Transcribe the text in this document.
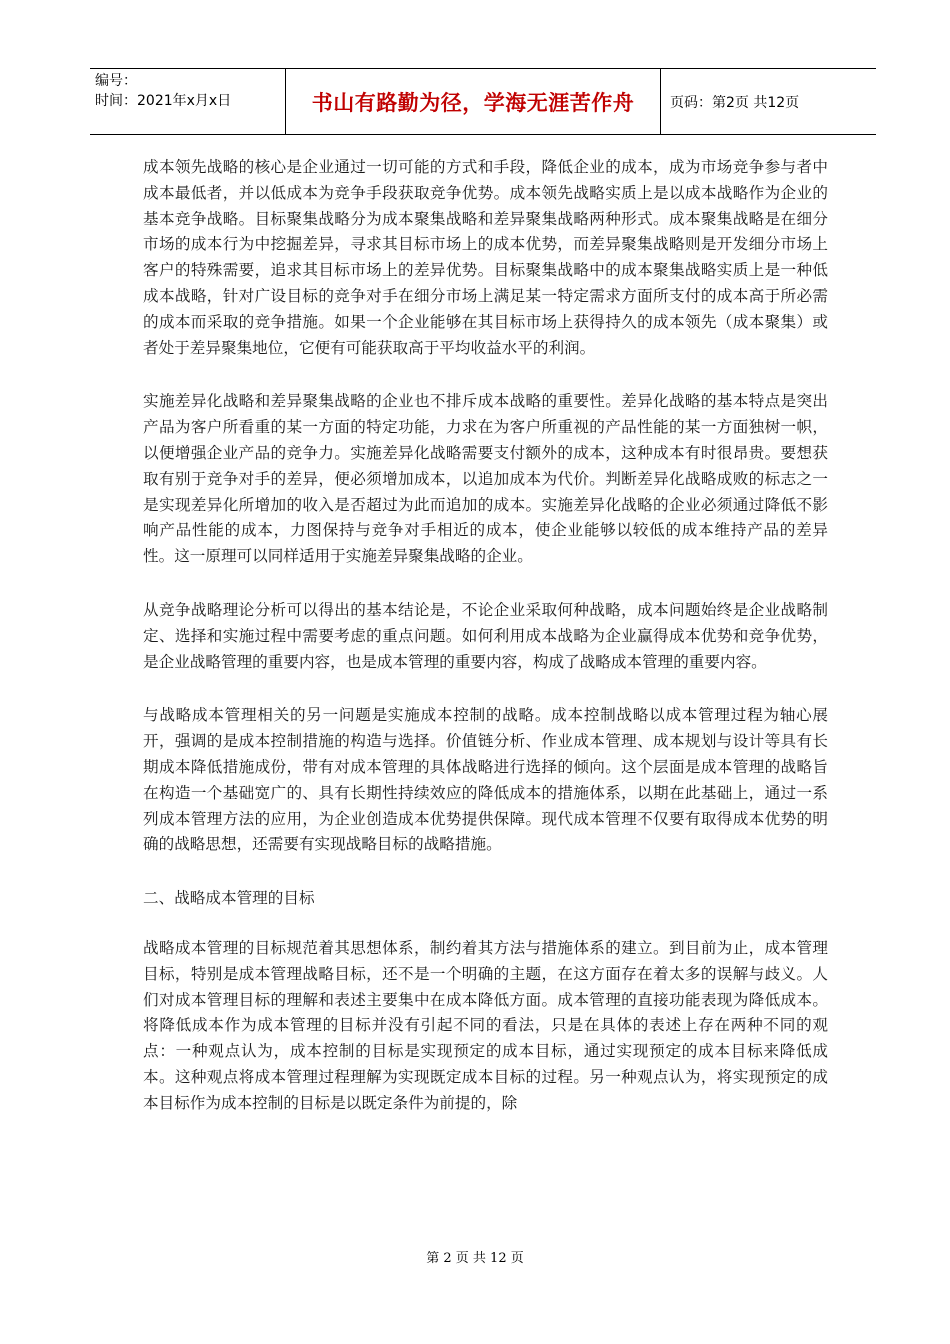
编号：
时间：2021年x月x日	书山有路勤为径，学海无涯苦作舟	页码：第2页 共12页

成本领先战略的核心是企业通过一切可能的方式和手段，降低企业的成本，成为市场竞争参与者中成本最低者，并以低成本为竞争手段获取竞争优势。成本领先战略实质上是以成本战略作为企业的基本竞争战略。目标聚集战略分为成本聚集战略和差异聚集战略两种形式。成本聚集战略是在细分市场的成本行为中挖掘差异，寻求其目标市场上的成本优势，而差异聚集战略则是开发细分市场上客户的特殊需要，追求其目标市场上的差异优势。目标聚集战略中的成本聚集战略实质上是一种低成本战略，针对广设目标的竞争对手在细分市场上满足某一特定需求方面所支付的成本高于所必需的成本而采取的竞争措施。如果一个企业能够在其目标市场上获得持久的成本领先（成本聚集）或者处于差异聚集地位，它便有可能获取高于平均收益水平的利润。

实施差异化战略和差异聚集战略的企业也不排斥成本战略的重要性。差异化战略的基本特点是突出产品为客户所看重的某一方面的特定功能，力求在为客户所重视的产品性能的某一方面独树一帜，以便增强企业产品的竞争力。实施差异化战略需要支付额外的成本，这种成本有时很昂贵。要想获取有别于竞争对手的差异，便必须增加成本，以追加成本为代价。判断差异化战略成败的标志之一是实现差异化所增加的收入是否超过为此而追加的成本。实施差异化战略的企业必须通过降低不影响产品性能的成本，力图保持与竞争对手相近的成本，使企业能够以较低的成本维持产品的差异性。这一原理可以同样适用于实施差异聚集战略的企业。

从竞争战略理论分析可以得出的基本结论是，不论企业采取何种战略，成本问题始终是企业战略制定、选择和实施过程中需要考虑的重点问题。如何利用成本战略为企业赢得成本优势和竞争优势，是企业战略管理的重要内容，也是成本管理的重要内容，构成了战略成本管理的重要内容。

与战略成本管理相关的另一问题是实施成本控制的战略。成本控制战略以成本管理过程为轴心展开，强调的是成本控制措施的构造与选择。价值链分析、作业成本管理、成本规划与设计等具有长期成本降低措施成份，带有对成本管理的具体战略进行选择的倾向。这个层面是成本管理的战略旨在构造一个基础宽广的、具有长期性持续效应的降低成本的措施体系，以期在此基础上，通过一系列成本管理方法的应用，为企业创造成本优势提供保障。现代成本管理不仅要有取得成本优势的明确的战略思想，还需要有实现战略目标的战略措施。

二、战略成本管理的目标

战略成本管理的目标规范着其思想体系，制约着其方法与措施体系的建立。到目前为止，成本管理目标，特别是成本管理战略目标，还不是一个明确的主题，在这方面存在着太多的误解与歧义。人们对成本管理目标的理解和表述主要集中在成本降低方面。成本管理的直接功能表现为降低成本。将降低成本作为成本管理的目标并没有引起不同的看法，只是在具体的表述上存在两种不同的观点：一种观点认为，成本控制的目标是实现预定的成本目标，通过实现预定的成本目标来降低成本。这种观点将成本管理过程理解为实现既定成本目标的过程。另一种观点认为，将实现预定的成本目标作为成本控制的目标是以既定条件为前提的，除

第 2 页 共 12 页
